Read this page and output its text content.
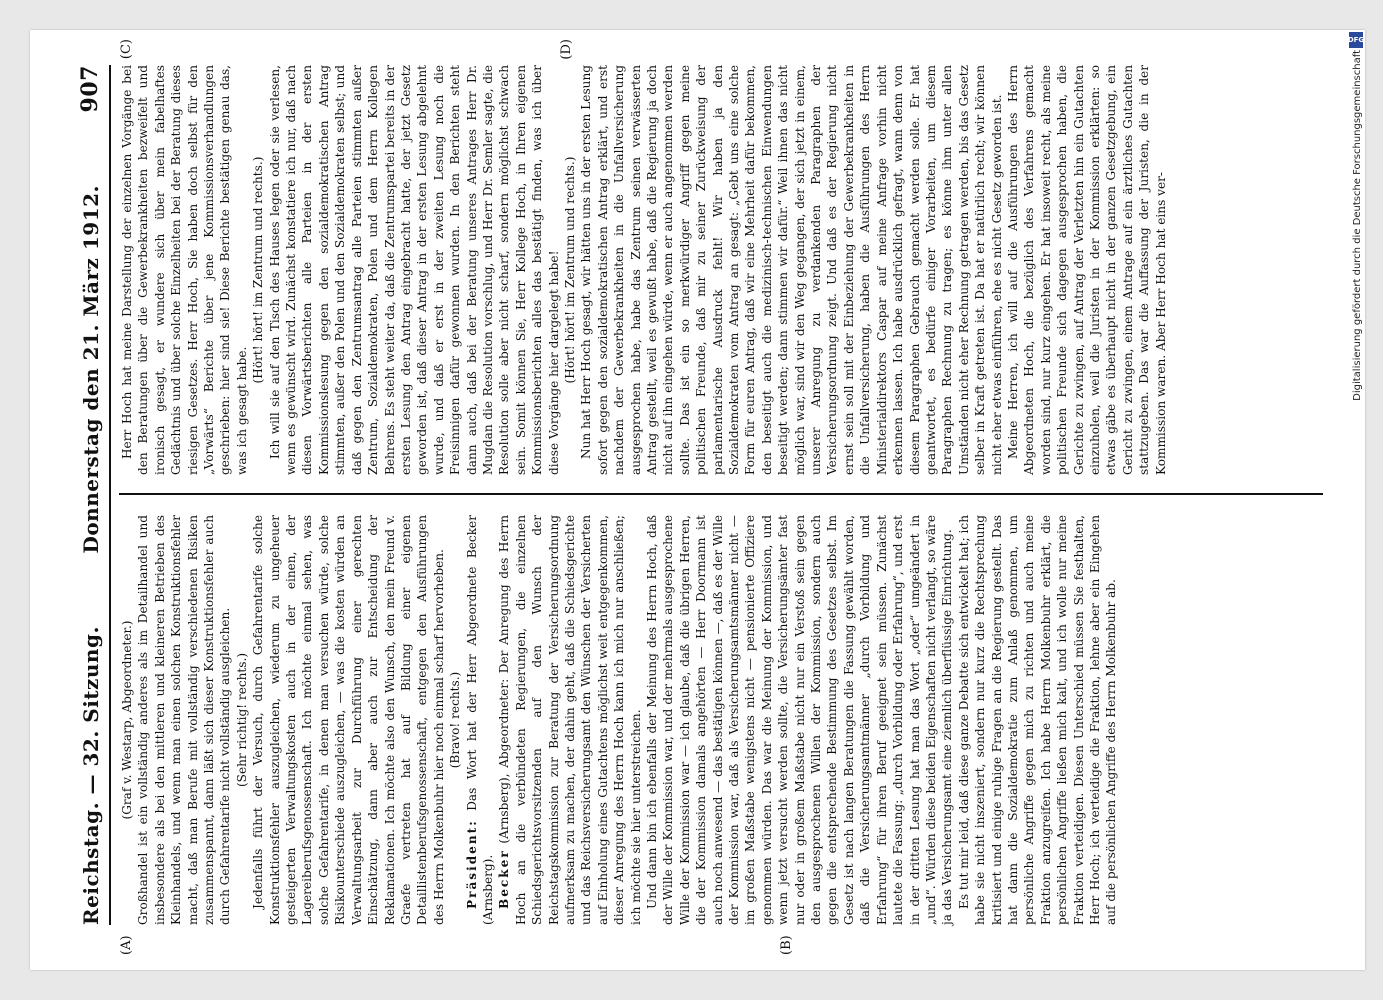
DFG
Digitalisierung gefördert durch die Deutsche Forschungsgemeinschaft
Reichstag. — 32. Sitzung.
Donnerstag den 21. März 1912.
907
(A)	(B)

(Graf v. Westarp, Abgeordneter.) Großhandel ist ein vollständig anderes als im Detailhandel und insbesondere als bei den mittleren und kleineren Betrieben des Kleinhandels, und wenn man einen solchen Konstruktionsfehler macht, daß man Berufe mit vollständig verschiedenen Risiken zusammenspannt, dann läßt sich dieser Konstruktionsfehler auch durch Gefahrentarife nicht vollständig ausgleichen. (Sehr richtig! rechts.) Jedenfalls führt der Versuch, durch Gefahrentarife solche Konstruktionsfehler auszugleichen, wiederum zu ungeheuer gesteigerten Verwaltungskosten auch in der einen, der Lagereiberufsgenossenschaft. Ich möchte einmal sehen, was solche Gefahrentarife, in denen man versuchen würde, solche Risikounterschiede auszugleichen, — was die kosten würden an Verwaltungsarbeit zur Durchführung einer gerechten Einschätzung, dann aber auch zur Entscheidung der Reklamationen. Ich möchte also den Wunsch, den mein Freund v. Graefe vertreten hat auf Bildung einer eigenen Detaillistenberufsgenossenschaft, entgegen den Ausführungen des Herrn Molkenbuhr hier noch einmal scharf hervorheben. (Bravo! rechts.)

Präsident: Das Wort hat der Herr Abgeordnete Becker (Arnsberg). Becker (Arnsberg), Abgeordneter: Der Anregung des Herrn Hoch an die verbündeten Regierungen, die einzelnen Schiedsgerichtsvorsitzenden auf den Wunsch der Reichstagskommission zur Beratung der Versicherungsordnung aufmerksam zu machen, der dahin geht, daß die Schiedsgerichte und das Reichsversicherungsamt den Wünschen der Versicherten auf Einholung eines Gutachtens möglichst weit entgegenkommen, dieser Anregung des Herrn Hoch kann ich mich nur anschließen; ich möchte sie hier unterstreichen. Und dann bin ich ebenfalls der Meinung des Herrn Hoch, daß der Wille der Kommission war, und der mehrmals ausgesprochene Wille der Kommission war — ich glaube, daß die übrigen Herren, die der Kommission damals angehörten — Herr Doormann ist auch noch anwesend — das bestätigen können —, daß es der Wille der Kommission war, daß als Versicherungsamtsmänner nicht — im großen Maßstabe wenigstens nicht — pensionierte Offiziere genommen würden. Das war die Meinung der Kommission, und wenn jetzt versucht werden sollte, die Versicherungsämter fast nur oder in großem Maßstabe nicht nur ein Verstoß sein gegen den ausgesprochenen Willen der Kommission, sondern auch gegen die entsprechende Bestimmung des Gesetzes selbst. Im Gesetz ist nach langen Beratungen die Fassung gewählt worden, daß die Versicherungsamtmänner „durch Vorbildung und Erfahrung“ für ihren Beruf geeignet sein müssen. Zunächst lautete die Fassung: „durch Vorbildung oder Erfahrung“, und erst in der dritten Lesung hat man das Wort „oder“ umgeändert in „und“. Würden diese beiden Eigenschaften nicht verlangt, so wäre ja das Versicherungsamt eine ziemlich überflüssige Einrichtung. Es tut mir leid, daß diese ganze Debatte sich entwickelt hat; ich habe sie nicht inszeniert, sondern nur kurz die Rechtsprechung kritisiert und einige ruhige Fragen an die Regierung gestellt. Das hat dann die Sozialdemokratie zum Anlaß genommen, um persönliche Angriffe gegen mich zu richten und auch meine Fraktion anzugreifen. Ich habe Herrn Molkenbuhr erklärt, die persönlichen Angriffe ließen mich kalt, und ich wolle nur meine Fraktion verteidigen. Diesen Unterschied müssen Sie festhalten, Herr Hoch; ich verteidige die Fraktion, lehne aber ein Eingehen auf die persönlichen Angriffe des Herrn Molkenbuhr ab.

(C)	(D)

Herr Hoch hat meine Darstellung der einzelnen Vorgänge bei den Beratungen über die Gewerbekrankheiten bezweifelt und ironisch gesagt, er wundere sich über mein fabelhaftes Gedächtnis und über solche Einzelheiten bei der Beratung dieses riesigen Gesetzes. Herr Hoch, Sie haben doch selbst für den „Vorwärts“ Berichte über jene Kommissionsverhandlungen geschrieben: hier sind sie! Diese Berichte bestätigen genau das, was ich gesagt habe.

(Hört! hört! im Zentrum und rechts.) Ich will sie auf den Tisch des Hauses legen oder sie verlesen, wenn es gewünscht wird. Zunächst konstatiere ich nur, daß nach diesen Vorwärtsberichten alle Parteien in der ersten Kommissionslesung gegen den sozialdemokratischen Antrag stimmten, außer den Polen und den Sozialdemokraten selbst; und daß gegen den Zentrumsantrag alle Parteien stimmten außer Zentrum, Sozialdemokraten, Polen und dem Herrn Kollegen Behrens. Es steht weiter da, daß die Zentrumspartei bereits in der ersten Lesung den Antrag eingebracht hatte, der jetzt Gesetz geworden ist, daß dieser Antrag in der ersten Lesung abgelehnt wurde, und daß er erst in der zweiten Lesung noch die Freisinnigen dafür gewonnen wurden. In den Berichten steht dann auch, daß bei der Beratung unseres Antrages Herr Dr. Mugdan die Resolution vorschlug, und Herr Dr. Semler sagte, die Resolution solle aber nicht scharf, sondern möglichst schwach sein. Somit können Sie, Herr Kollege Hoch, in Ihren eigenen Kommissionsberichten alles das bestätigt finden, was ich über diese Vorgänge hier dargelegt habe! (Hört! hört! im Zentrum und rechts.) Nun hat Herr Hoch gesagt, wir hätten uns in der ersten Lesung sofort gegen den sozialdemokratischen Antrag erklärt, und erst nachdem der Gewerbekrankheiten in die Unfallversicherung ausgesprochen habe, habe das Zentrum seinen verwässerten Antrag gestellt, weil es gewußt habe, daß die Regierung ja doch nicht auf ihn eingehen würde, wenn er auch angenommen werden sollte. Das ist ein so merkwürdiger Angriff gegen meine politischen Freunde, daß mir zu seiner Zurückweisung der parlamentarische Ausdruck fehlt! Wir haben ja den Sozialdemokraten vom Antrag an gesagt: „Gebt uns eine solche Form für euren Antrag, daß wir eine Mehrheit dafür bekommen, den beseitigt auch die medizinisch-technischen Einwendungen beseitigt werden; dann stimmen wir dafür.“ Weil ihnen das nicht möglich war, sind wir den Weg gegangen, der sich jetzt in einem, unserer Anregung zu verdankenden Paragraphen der Versicherungsordnung zeigt. Und daß es der Regierung nicht ernst sein soll mit der Einbeziehung der Gewerbekrankheiten in die Unfallversicherung, haben die Ausführungen des Herrn Ministerialdirektors Caspar auf meine Anfrage vorhin nicht erkennen lassen. Ich habe ausdrücklich gefragt, wann denn von diesem Paragraphen Gebrauch gemacht werden solle. Er hat geantwortet, es bedürfe einiger Vorarbeiten, um diesem Paragraphen Rechnung zu tragen; es könne ihm unter allen Umständen nicht eher Rechnung getragen werden, bis das Gesetz selber in Kraft getreten ist. Da hat er natürlich recht; wir können nicht eher etwas einführen, ehe es nicht Gesetz geworden ist. Meine Herren, ich will auf die Ausführungen des Herrn Abgeordneten Hoch, die bezüglich des Verfahrens gemacht worden sind, nur kurz eingehen. Er hat insoweit recht, als meine politischen Freunde sich dagegen ausgesprochen haben, die Gerichte zu zwingen, auf Antrag der Verletzten hin ein Gutachten einzuholen, weil die Juristen in der Kommission erklärten: so etwas gäbe es überhaupt nicht in der ganzen Gesetzgebung, ein Gericht zu zwingen, einem Antrage auf ein ärztliches Gutachten stattzugeben. Das war die Auffassung der Juristen, die in der Kommission waren. Aber Herr Hoch hat eins ver-
